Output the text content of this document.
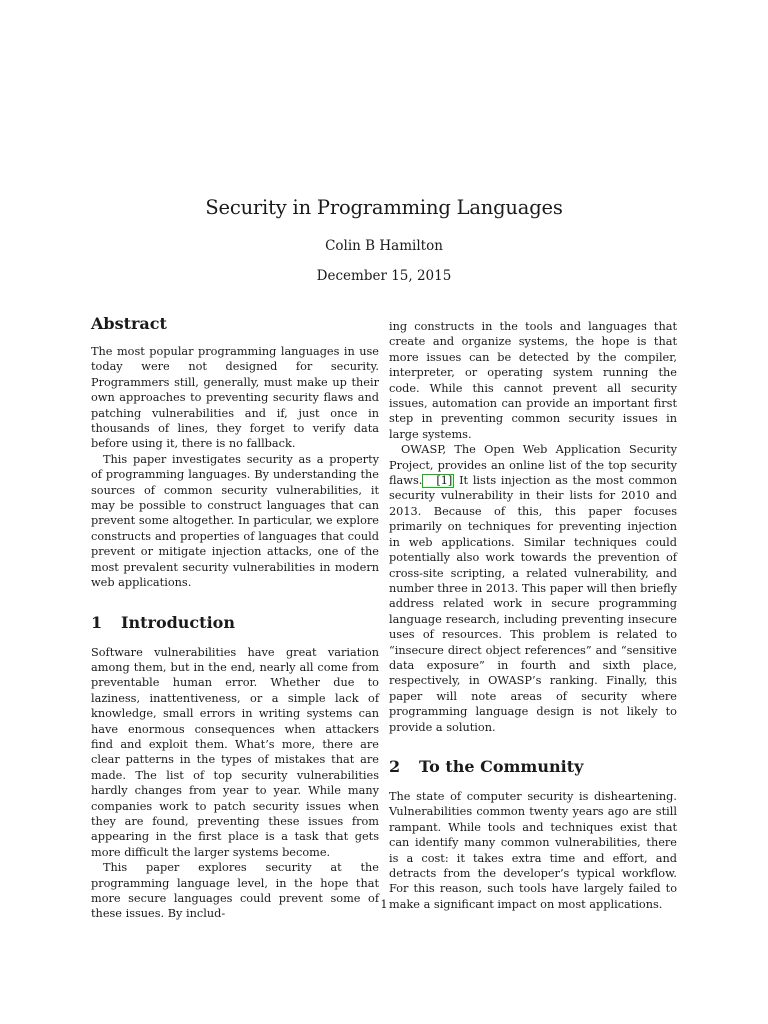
Security in Programming Languages
Colin B Hamilton
December 15, 2015
Abstract

The most popular programming languages in use today were not designed for security. Programmers still, generally, must make up their own approaches to preventing security flaws and patching vulnerabilities and if, just once in thousands of lines, they forget to verify data before using it, there is no fallback.

This paper investigates security as a property of programming languages. By understanding the sources of common security vulnerabilities, it may be possible to construct languages that can prevent some altogether. In particular, we explore constructs and properties of languages that could prevent or mitigate injection attacks, one of the most prevalent security vulnerabilities in modern web applications.

1 Introduction

Software vulnerabilities have great variation among them, but in the end, nearly all come from preventable human error. Whether due to laziness, inattentiveness, or a simple lack of knowledge, small errors in writing systems can have enormous consequences when attackers find and exploit them. What’s more, there are clear patterns in the types of mistakes that are made. The list of top security vulnerabilities hardly changes from year to year. While many companies work to patch security issues when they are found, preventing these issues from appearing in the first place is a task that gets more difficult the larger systems become.

This paper explores security at the programming language level, in the hope that more secure languages could prevent some of these issues. By includ-

ing constructs in the tools and languages that create and organize systems, the hope is that more issues can be detected by the compiler, interpreter, or operating system running the code. While this cannot prevent all security issues, automation can provide an important first step in preventing common security issues in large systems.

OWASP, The Open Web Application Security Project, provides an online list of the top security flaws. [1] It lists injection as the most common security vulnerability in their lists for 2010 and 2013. Because of this, this paper focuses primarily on techniques for preventing injection in web applications. Similar techniques could potentially also work towards the prevention of cross-site scripting, a related vulnerability, and number three in 2013. This paper will then briefly address related work in secure programming language research, including preventing insecure uses of resources. This problem is related to “insecure direct object references” and “sensitive data exposure” in fourth and sixth place, respectively, in OWASP’s ranking. Finally, this paper will note areas of security where programming language design is not likely to provide a solution.

2 To the Community

The state of computer security is disheartening. Vulnerabilities common twenty years ago are still rampant. While tools and techniques exist that can identify many common vulnerabilities, there is a cost: it takes extra time and effort, and detracts from the developer’s typical workflow. For this reason, such tools have largely failed to make a significant impact on most applications.

1
